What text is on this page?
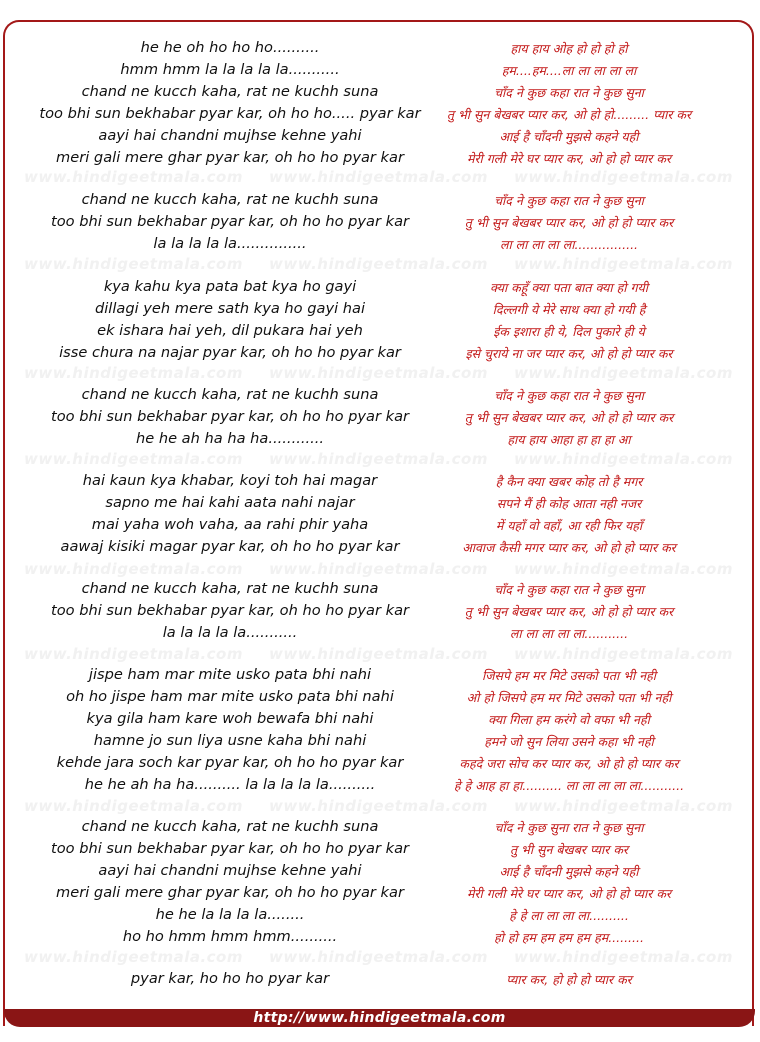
www.hindigeetmala.com www.hindigeetmala.com www.hindigeetmala.com
www.hindigeetmala.com www.hindigeetmala.com www.hindigeetmala.com
www.hindigeetmala.com www.hindigeetmala.com www.hindigeetmala.com
www.hindigeetmala.com www.hindigeetmala.com www.hindigeetmala.com
www.hindigeetmala.com www.hindigeetmala.com www.hindigeetmala.com
www.hindigeetmala.com www.hindigeetmala.com www.hindigeetmala.com
www.hindigeetmala.com www.hindigeetmala.com www.hindigeetmala.com
www.hindigeetmala.com www.hindigeetmala.com www.hindigeetmala.com
he he oh ho ho ho..........
hmm hmm la la la la la...........
chand ne kucch kaha, rat ne kuchh suna
too bhi sun bekhabar pyar kar, oh ho ho..... pyar kar
aayi hai chandni mujhse kehne yahi
meri gali mere ghar pyar kar, oh ho ho pyar kar
chand ne kucch kaha, rat ne kuchh suna
too bhi sun bekhabar pyar kar, oh ho ho pyar kar
la la la la la...............
kya kahu kya pata bat kya ho gayi
dillagi yeh mere sath kya ho gayi hai
ek ishara hai yeh, dil pukara hai yeh
isse chura na najar pyar kar, oh ho ho pyar kar
chand ne kucch kaha, rat ne kuchh suna
too bhi sun bekhabar pyar kar, oh ho ho pyar kar
he he ah ha ha ha............
hai kaun kya khabar, koyi toh hai magar
sapno me hai kahi aata nahi najar
mai yaha woh vaha, aa rahi phir yaha
aawaj kisiki magar pyar kar, oh ho ho pyar kar
chand ne kucch kaha, rat ne kuchh suna
too bhi sun bekhabar pyar kar, oh ho ho pyar kar
la la la la la...........
jispe ham mar mite usko pata bhi nahi
oh ho jispe ham mar mite usko pata bhi nahi
kya gila ham kare woh bewafa bhi nahi
hamne jo sun liya usne kaha bhi nahi
kehde jara soch kar pyar kar, oh ho ho pyar kar
he he ah ha ha.......... la la la la la..........
chand ne kucch kaha, rat ne kuchh suna
too bhi sun bekhabar pyar kar, oh ho ho pyar kar
aayi hai chandni mujhse kehne yahi
meri gali mere ghar pyar kar, oh ho ho pyar kar
he he la la la la........
ho ho hmm hmm hmm..........
pyar kar, ho ho ho pyar kar
हाय हाय ओह हो हो हो हो
हम....हम....ला ला ला ला ला
चाँद ने कुछ कहा रात ने कुछ सुना
तु भी सुन बेखबर प्यार कर, ओ हो हो......... प्यार कर
आई है चाँदनी मुझसे कहने यही
मेरी गली मेरे घर प्यार कर, ओ हो हो प्यार कर
चाँद ने कुछ कहा रात ने कुछ सुना
तु भी सुन बेखबर प्यार कर, ओ हो हो प्यार कर
ला ला ला ला ला................
क्या कहूँ क्या पता बात क्या हो गयी
दिल्लगी ये मेरे साथ क्या हो गयी है
ईक इशारा ही ये, दिल पुकारे ही ये
इसे चुराये ना जर प्यार कर, ओ हो हो प्यार कर
चाँद ने कुछ कहा रात ने कुछ सुना
तु भी सुन बेखबर प्यार कर, ओ हो हो प्यार कर
हाय हाय आहा हा हा हा आ
है कैन क्या खबर कोह तो है मगर
सपने मैं ही कोह आता नही नजर
में यहाँ वो वहाँ, आ रही फिर यहाँ
आवाज कैसी मगर प्यार कर, ओ हो हो प्यार कर
चाँद ने कुछ कहा रात ने कुछ सुना
तु भी सुन बेखबर प्यार कर, ओ हो हो प्यार कर
ला ला ला ला ला...........
जिसपे हम मर मिटे उसको पता भी नही
ओ हो जिसपे हम मर मिटे उसको पता भी नही
क्या गिला हम करंगे वो वफा भी नही
हमने जो सुन लिया उसने कहा भी नही
कहदे जरा सोच कर प्यार कर, ओ हो हो प्यार कर
हे हे आह हा हा.......... ला ला ला ला ला...........
चाँद ने कुछ सुना रात ने कुछ सुना
तु भी सुन बेखबर प्यार कर
आई है चाँदनी मुझसे कहने यही
मेरी गली मेरे घर प्यार कर, ओ हो हो प्यार कर
हे हे ला ला ला ला..........
हो हो हम हम हम हम हम.........
प्यार कर, हो हो हो प्यार कर
http://www.hindigeetmala.com
